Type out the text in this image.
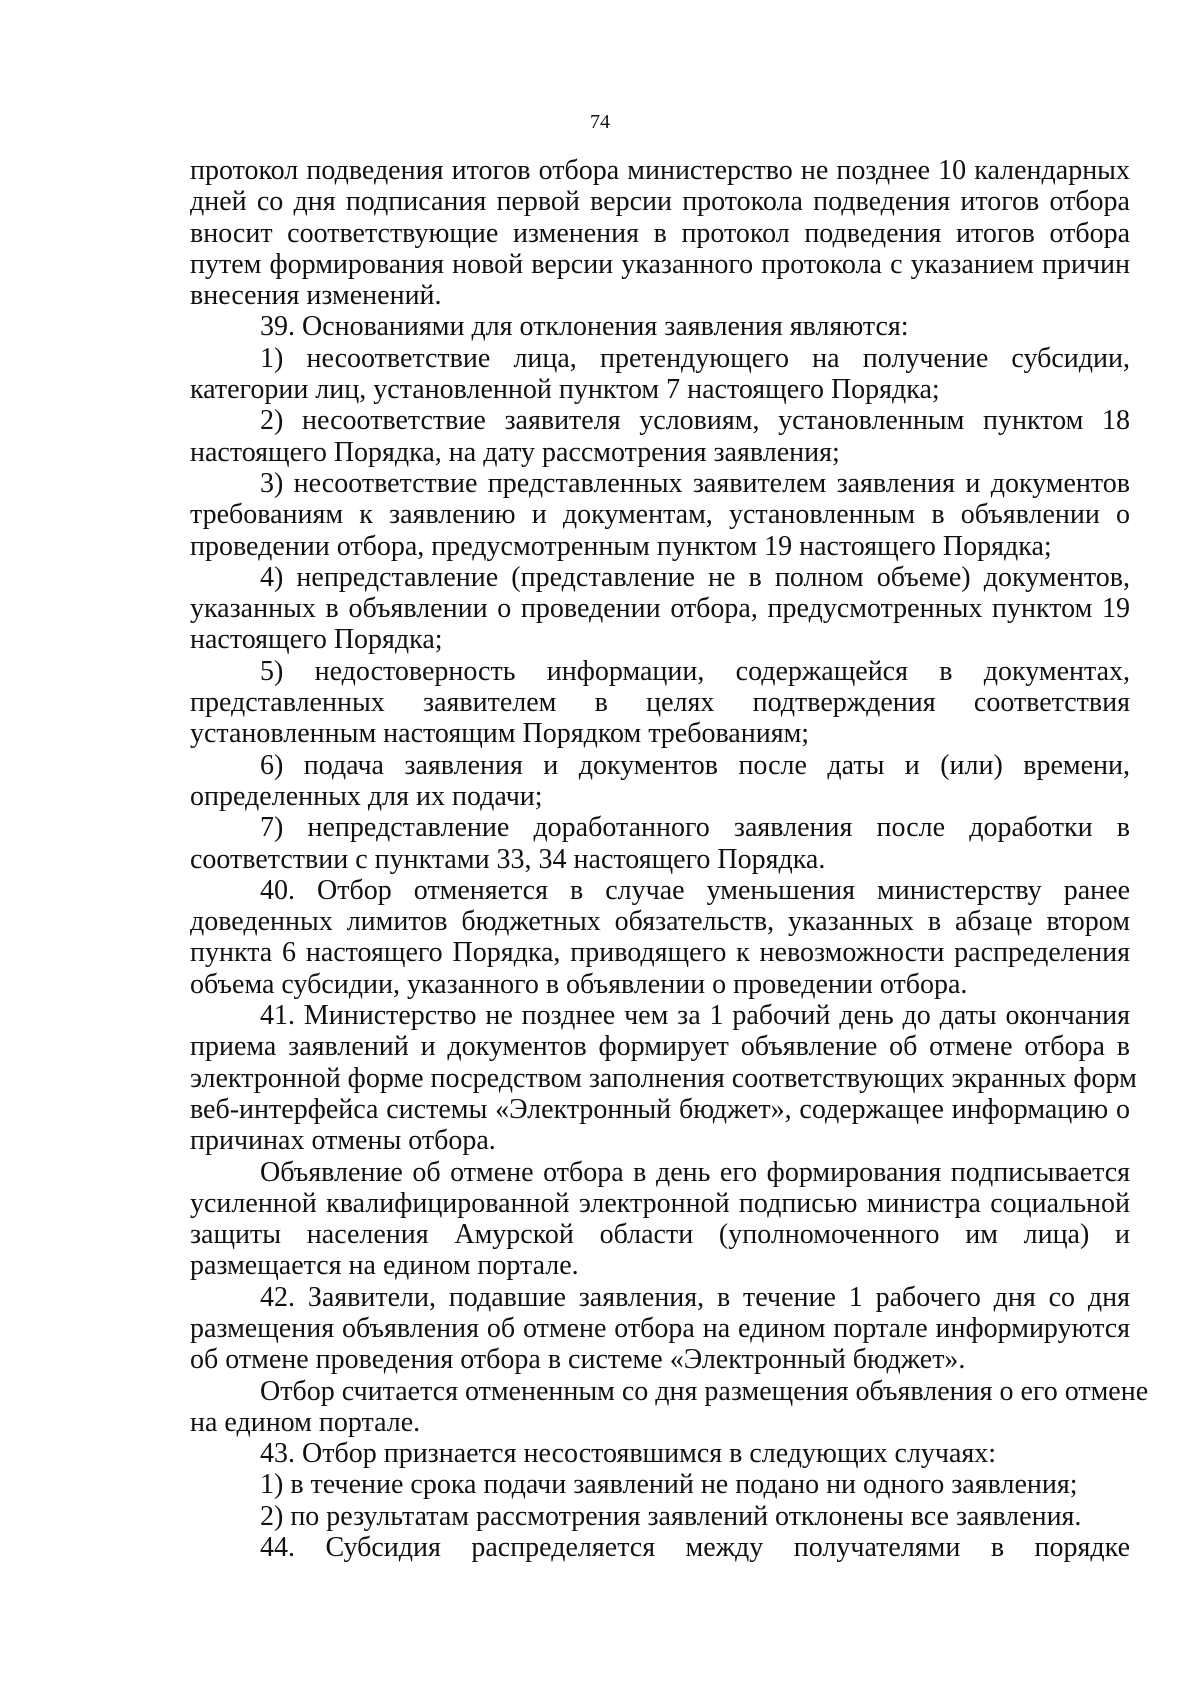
74
протокол подведения итогов отбора министерство не позднее 10 календарных
дней со дня подписания первой версии протокола подведения итогов отбора
вносит соответствующие изменения в протокол подведения итогов отбора
путем формирования новой версии указанного протокола с указанием причин
внесения изменений.
39. Основаниями для отклонения заявления являются:
1) несоответствие лица, претендующего на получение субсидии,
категории лиц, установленной пунктом 7 настоящего Порядка;
2) несоответствие заявителя условиям, установленным пунктом 18
настоящего Порядка, на дату рассмотрения заявления;
3) несоответствие представленных заявителем заявления и документов
требованиям к заявлению и документам, установленным в объявлении о
проведении отбора, предусмотренным пунктом 19 настоящего Порядка;
4) непредставление (представление не в полном объеме) документов,
указанных в объявлении о проведении отбора, предусмотренных пунктом 19
настоящего Порядка;
5) недостоверность информации, содержащейся в документах,
представленных заявителем в целях подтверждения соответствия
установленным настоящим Порядком требованиям;
6) подача заявления и документов после даты и (или) времени,
определенных для их подачи;
7) непредставление доработанного заявления после доработки в
соответствии с пунктами 33, 34 настоящего Порядка.
40. Отбор отменяется в случае уменьшения министерству ранее
доведенных лимитов бюджетных обязательств, указанных в абзаце втором
пункта 6 настоящего Порядка, приводящего к невозможности распределения
объема субсидии, указанного в объявлении о проведении отбора.
41. Министерство не позднее чем за 1 рабочий день до даты окончания
приема заявлений и документов формирует объявление об отмене отбора в
электронной форме посредством заполнения соответствующих экранных форм
веб-интерфейса системы «Электронный бюджет», содержащее информацию о
причинах отмены отбора.
Объявление об отмене отбора в день его формирования подписывается
усиленной квалифицированной электронной подписью министра социальной
защиты населения Амурской области (уполномоченного им лица) и
размещается на едином портале.
42. Заявители, подавшие заявления, в течение 1 рабочего дня со дня
размещения объявления об отмене отбора на едином портале информируются
об отмене проведения отбора в системе «Электронный бюджет».
Отбор считается отмененным со дня размещения объявления о его отмене
на едином портале.
43. Отбор признается несостоявшимся в следующих случаях:
1) в течение срока подачи заявлений не подано ни одного заявления;
2) по результатам рассмотрения заявлений отклонены все заявления.
44. Субсидия распределяется между получателями в порядке
